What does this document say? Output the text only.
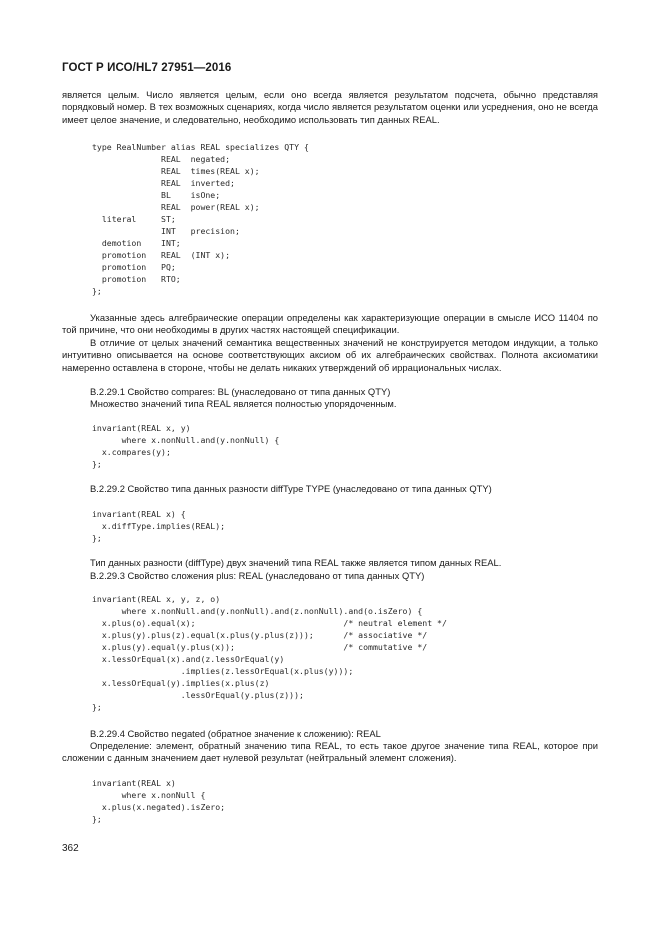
ГОСТ Р ИСО/HL7 27951—2016
является целым. Число является целым, если оно всегда является результатом подсчета, обычно представляя порядковый номер. В тех возможных сценариях, когда число является результатом оценки или усреднения, оно не всегда имеет целое значение, и следовательно, необходимо использовать тип данных REAL.
type RealNumber alias REAL specializes QTY {
REAL  negated;
REAL  times(REAL x);
REAL  inverted;
BL    isOne;
REAL  power(REAL x);
literal     ST;
INT   precision;
demotion    INT;
promotion   REAL  (INT x);
promotion   PQ;
promotion   RTO;
};
Указанные здесь алгебраические операции определены как характеризующие операции в смысле ИСО 11404 по той причине, что они необходимы в других частях настоящей спецификации.
В отличие от целых значений семантика вещественных значений не конструируется методом индукции, а только интуитивно описывается на основе соответствующих аксиом об их алгебраических свойствах. Полнота аксиоматики намеренно оставлена в стороне, чтобы не делать никаких утверждений об иррациональных числах.
B.2.29.1 Свойство compares: BL (унаследовано от типа данных QTY)
Множество значений типа REAL является полностью упорядоченным.
invariant(REAL x, y)
where x.nonNull.and(y.nonNull) {
x.compares(y);
};
B.2.29.2 Свойство типа данных разности diffType TYPE (унаследовано от типа данных QTY)
invariant(REAL x) {
x.diffType.implies(REAL);
};
Тип данных разности (diffType) двух значений типа REAL также является типом данных REAL.
B.2.29.3 Свойство сложения plus: REAL (унаследовано от типа данных QTY)
invariant(REAL x, y, z, o)
where x.nonNull.and(y.nonNull).and(z.nonNull).and(o.isZero) {
x.plus(o).equal(x);                              /* neutral element */
x.plus(y).plus(z).equal(x.plus(y.plus(z)));      /* associative */
x.plus(y).equal(y.plus(x));                      /* commutative */
x.lessOrEqual(x).and(z.lessOrEqual(y)
.implies(z.lessOrEqual(x.plus(y)));
x.lessOrEqual(y).implies(x.plus(z)
.lessOrEqual(y.plus(z)));
};
B.2.29.4 Свойство negated (обратное значение к сложению): REAL
Определение: элемент, обратный значению типа REAL, то есть такое другое значение типа REAL, которое при сложении с данным значением дает нулевой результат (нейтральный элемент сложения).
invariant(REAL x)
where x.nonNull {
x.plus(x.negated).isZero;
};
362
